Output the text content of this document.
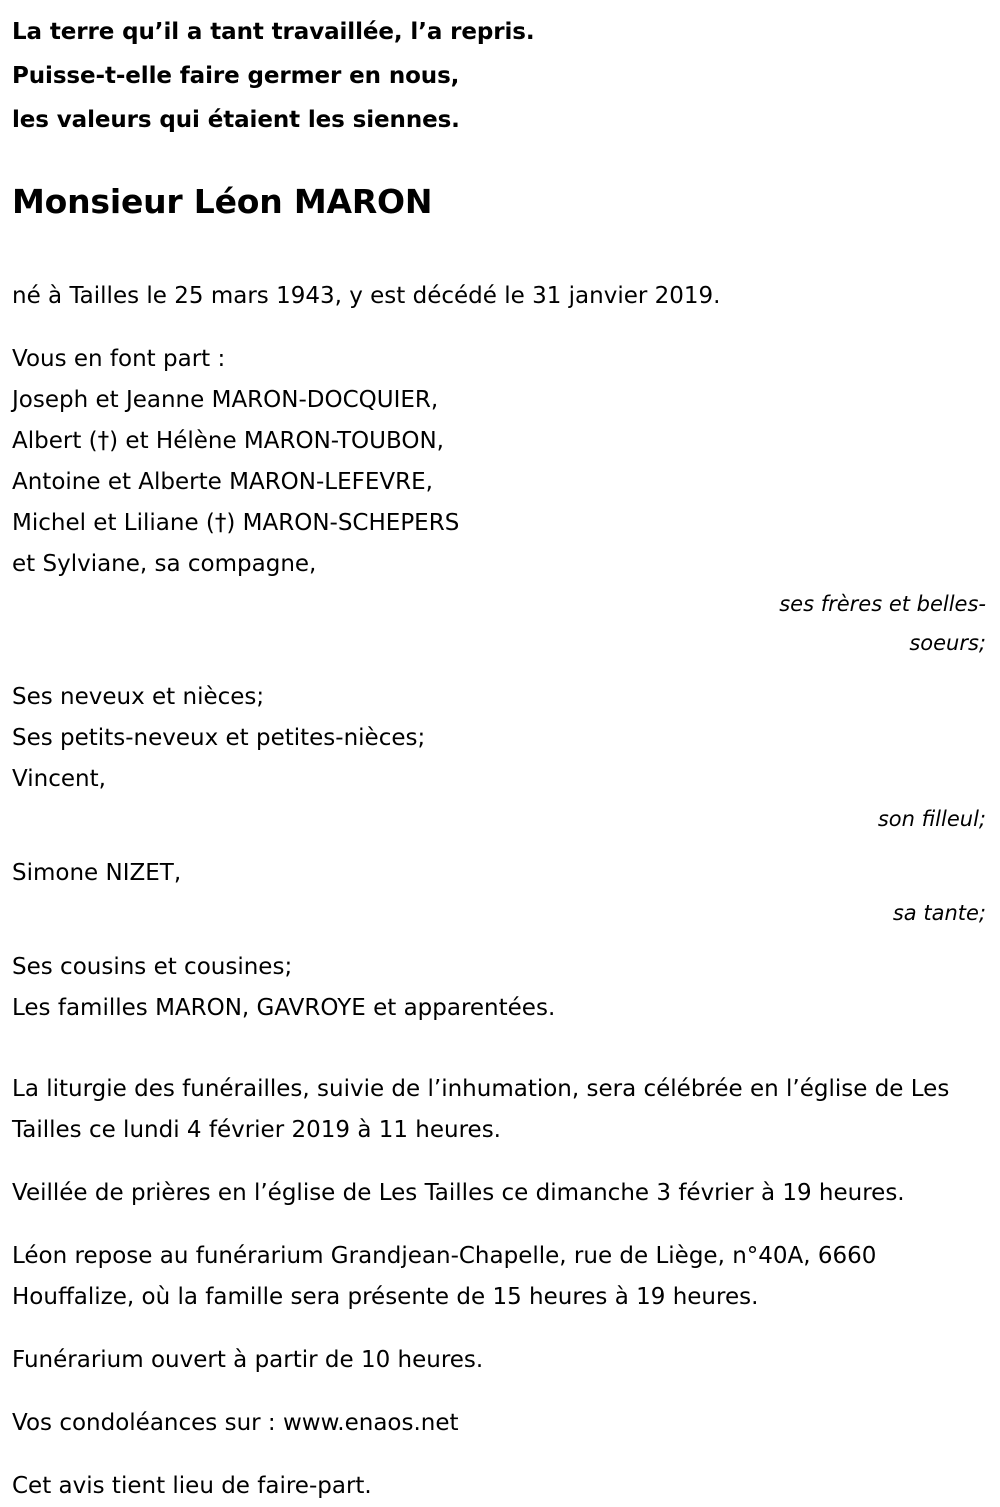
La terre qu’il a tant travaillée, l’a repris.
Puisse-t-elle faire germer en nous,
les valeurs qui étaient les siennes.
Monsieur Léon MARON
né à Tailles le 25 mars 1943, y est décédé le 31 janvier 2019.
Vous en font part :
Joseph et Jeanne MARON-DOCQUIER,
Albert (†) et Hélène MARON-TOUBON,
Antoine et Alberte MARON-LEFEVRE,
Michel et Liliane (†) MARON-SCHEPERS
et Sylviane, sa compagne,
ses frères et belles-
soeurs;
Ses neveux et nièces;
Ses petits-neveux et petites-nièces;
Vincent,
son filleul;
Simone NIZET,
sa tante;
Ses cousins et cousines;
Les familles MARON, GAVROYE et apparentées.
La liturgie des funérailles, suivie de l’inhumation, sera célébrée en l’église de Les Tailles ce lundi 4 février 2019 à 11 heures.
Veillée de prières en l’église de Les Tailles ce dimanche 3 février à 19 heures.
Léon repose au funérarium Grandjean-Chapelle, rue de Liège, n°40A, 6660 Houffalize, où la famille sera présente de 15 heures à 19 heures.
Funérarium ouvert à partir de 10 heures.
Vos condoléances sur : www.enaos.net
Cet avis tient lieu de faire-part.
